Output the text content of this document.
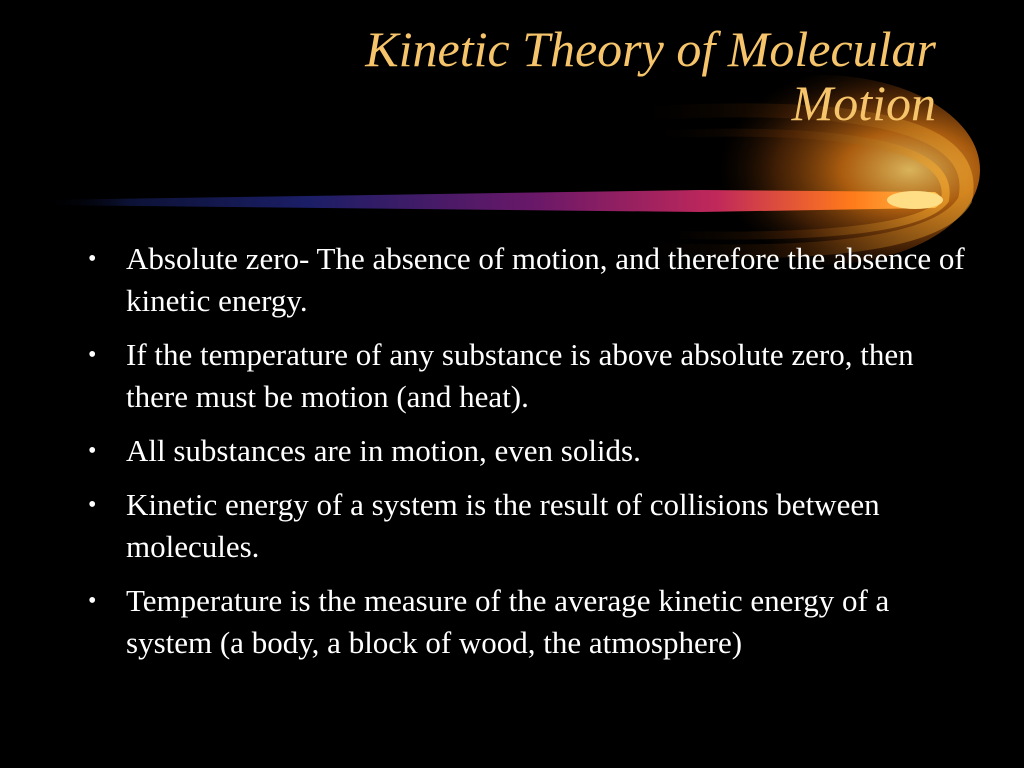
Kinetic Theory of Molecular
Motion
• Absolute zero- The absence of motion, and therefore the absence of kinetic energy.
• If the temperature of any substance is above absolute zero, then there must be motion (and heat).
• All substances are in motion, even solids.
• Kinetic energy of a system is the result of collisions between molecules.
• Temperature is the measure of the average kinetic energy of a system (a body, a block of wood, the atmosphere)
